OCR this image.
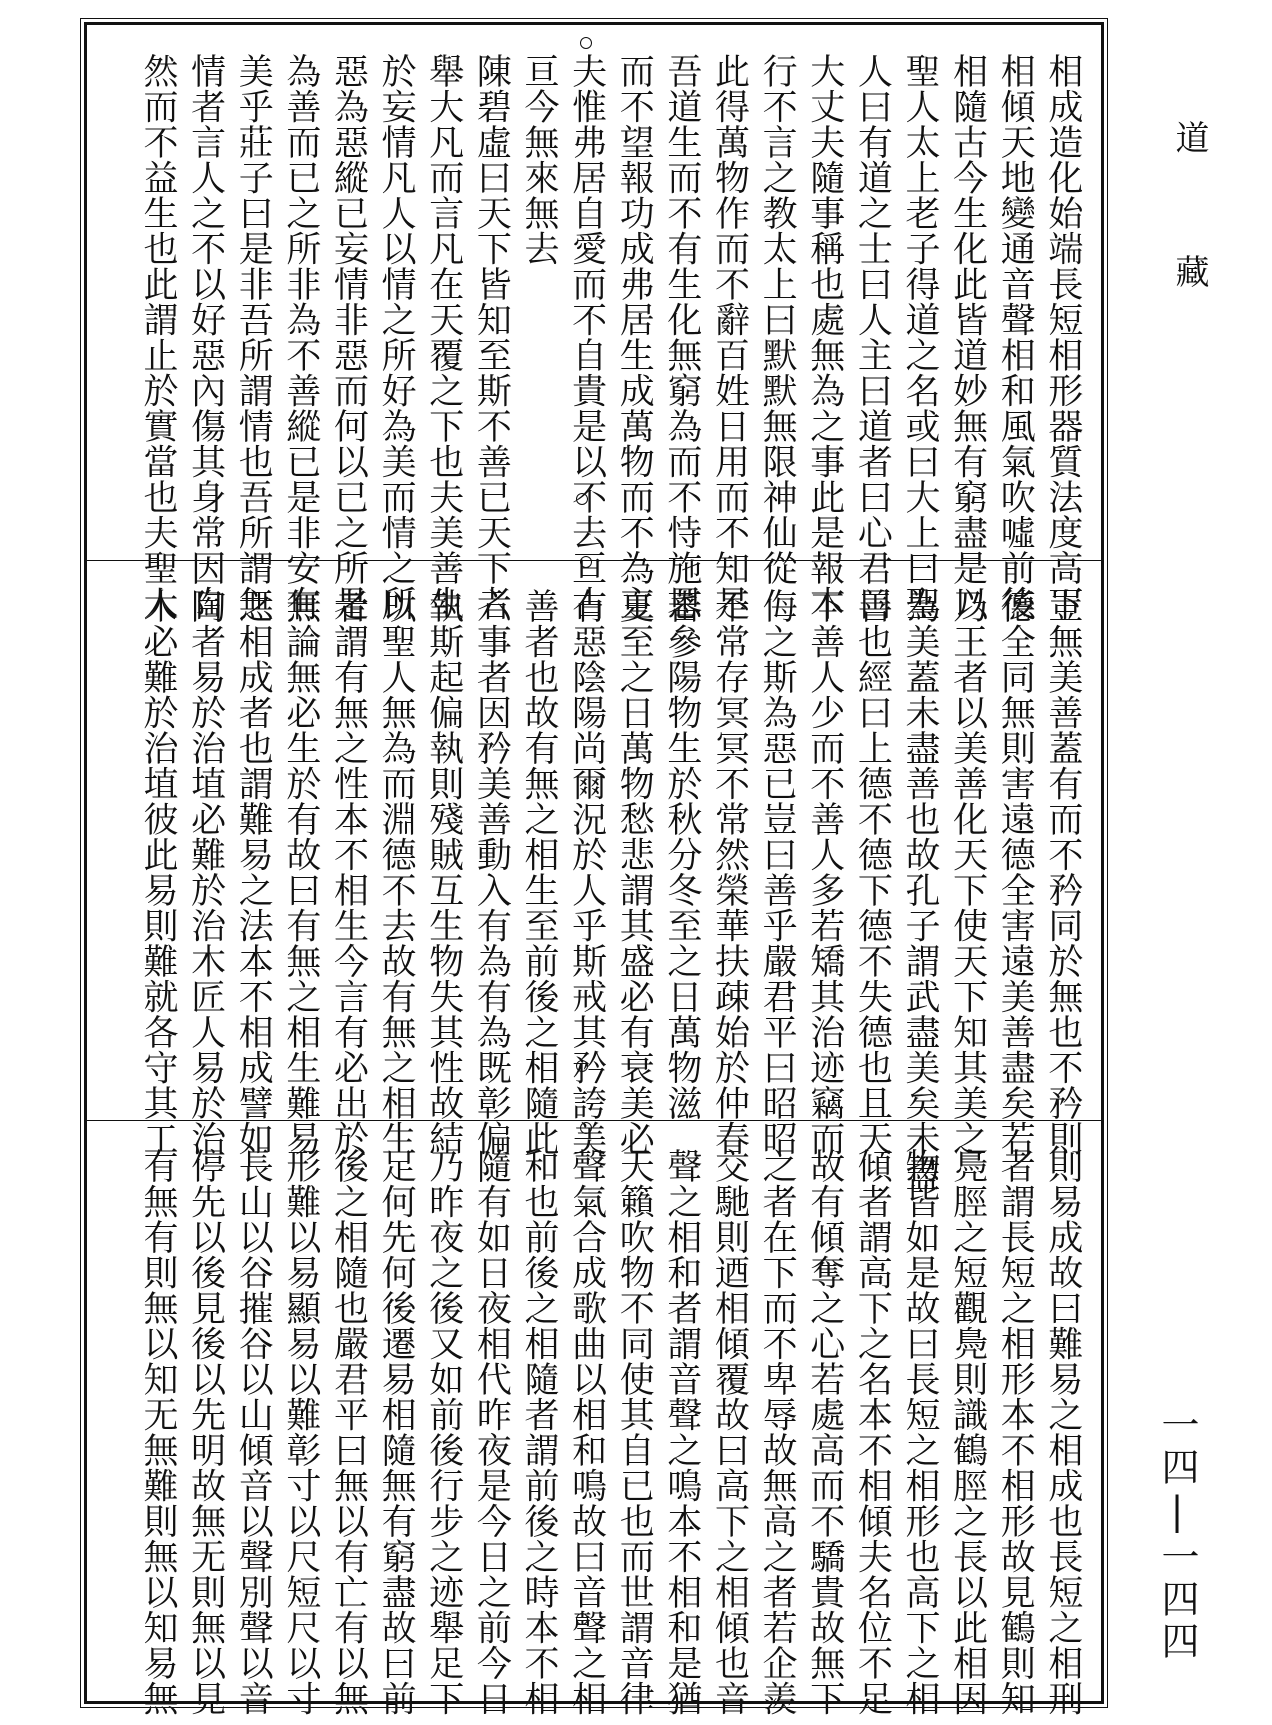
道藏
一四|一四四
相成造化始端長短相形器質法度高下
相傾天地變通音聲相和風氣吹噓前後
相隨古今生化此皆道妙無有窮盡是以
聖人太上老子得道之名或曰大上曰聖
人曰有道之士曰人主曰道者曰心君曰
大丈夫隨事稱也處無為之事此是報本
行不言之教太上曰默默無限神仙從
此得萬物作而不辭百姓日用而不知是
吾道生而不有生化無窮為而不恃施恩
而不望報功成弗居生成萬物而不為主
夫惟弗居自愛而不自貴是以不去亘古
亘今無來無去
陳碧虛曰天下皆知至斯不善已天下者
舉大凡而言凡在天覆之下也夫美善生
於妄情凡人以情之所好為美而情之所
惡為惡縱已妄情非惡而何以已之所是
為善而已之所非為不善縱已是非安有
美乎莊子曰是非吾所謂情也吾所謂無
情者言人之不以好惡內傷其身常因自
然而不益生也此謂止於實當也夫聖人
豈無美善蓋有而不矜同於無也不矜則
德全同無則害遠德全害遠美善盡矣若
乃王者以美善化天下使天下知其美之
為美蓋未盡善也故孔子謂武盡美矣未盡
善也經曰上德不德下德不失德也且天
下善人少而不善人多若矯其治迹竊而
侮之斯為惡已豈曰善乎嚴君平曰昭昭
不常存冥冥不常然榮華扶疎始於仲春
蕃參陽物生於秋分冬至之日萬物滋
夏至之日萬物愁悲謂其盛必有衰美必
有惡陰陽尚爾況於人乎斯戒其矜誇美
善者也故有無之相生至前後之相隨此
六事者因矜美善動入有為有為既彰偏
執斯起偏執則殘賊互生物失其性故結
以聖人無為而淵德不去故有無之相生
者謂有無之性本不相生今言有必出於
無論無必生於有故曰有無之相生難易
之相成者也謂難易之法本不相成譬如
陶者易於治埴必難於治木匠人易於治
木必難於治埴彼此易則難就各守其工
則易成故曰難易之相成也長短之相刑
者謂長短之相形本不相形故見鶴則知
鳧脛之短觀鳧則識鶴脛之長以此相因
物皆如是故曰長短之相形也高下之相
傾者謂高下之名本不相傾夫名位不足
故有傾奪之心若處高而不驕貴故無下
之者在下而不卑辱故無高之者若企羨
交馳則迺相傾覆故曰高下之相傾也音
聲之相和者謂音聲之鳴本不相和是猶
天籟吹物不同使其自已也而世謂音律
聲氣合成歌曲以相和鳴故曰音聲之相
和也前後之相隨者謂前後之時本不相
隨有如日夜相代昨夜是今日之前今日
乃昨夜之後又如前後行步之迹舉足下
足何先何後遷易相隨無有窮盡故曰前
後之相隨也嚴君平曰無以有亡有以無
形難以易顯易以難彰寸以尺短尺以寸
長山以谷摧谷以山傾音以聲別聲以音
停先以後見後以先明故無无則無以見
有無有則無以知无無難則無以知易無
